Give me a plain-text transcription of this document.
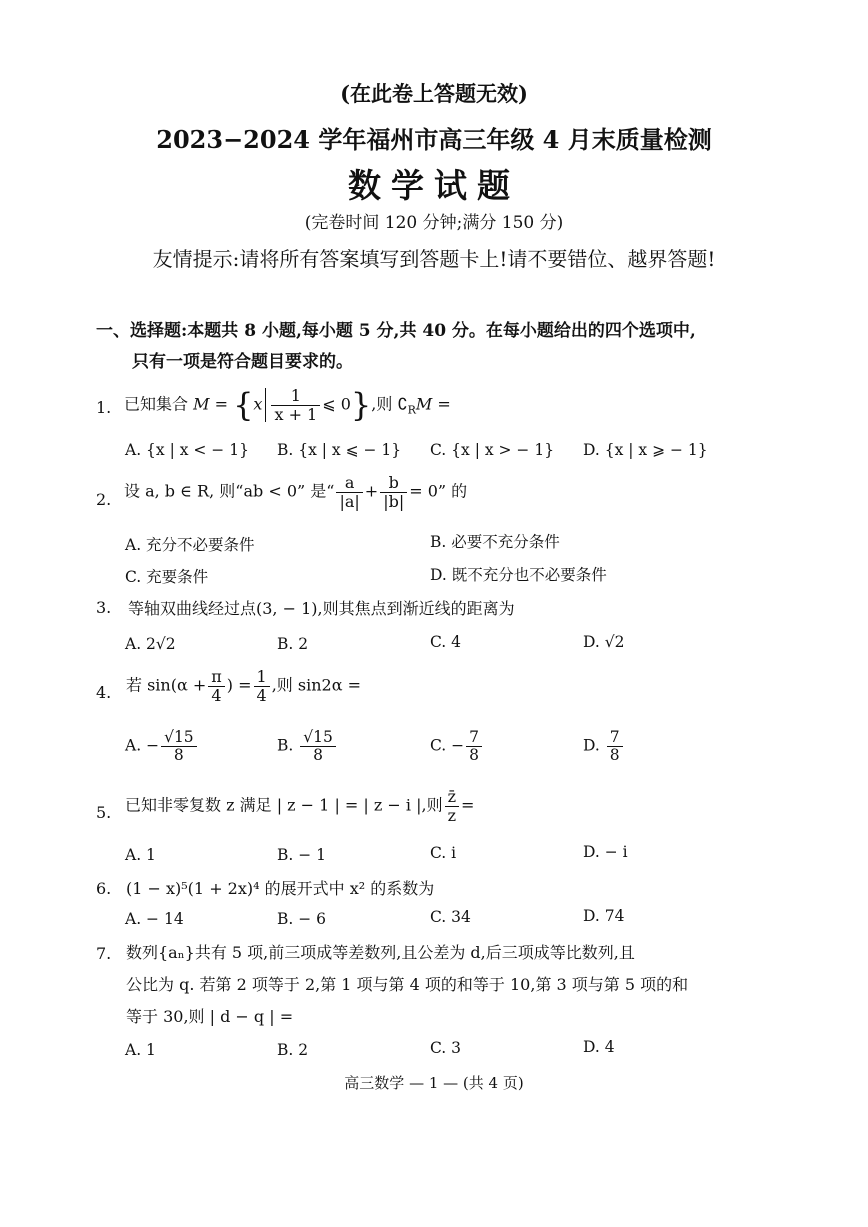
(在此卷上答题无效)
2023−2024 学年福州市高三年级 4 月末质量检测
数学试题
(完卷时间 120 分钟;满分 150 分)
友情提示:请将所有答案填写到答题卡上!请不要错位、越界答题!
一、选择题:本题共 8 小题,每小题 5 分,共 40 分。在每小题给出的四个选项中,
只有一项是符合题目要求的。
1. 已知集合 $M = \{x \frac{1}{x + 1}$ ⩽ 0},则 $∁_RM$ =
A. {x | x < − 1} B. {x | x ⩽ − 1} C. {x | x > − 1} D. {x | x ⩾ − 1}
2. 设 a, b ∈ R, 则“ab < 0” 是“ $\frac{a}{|a|} + \frac{b}{|b|} = 0$” 的
A. 充分不必要条件	B. 必要不充分条件
C. 充要条件	D. 既不充分也不必要条件
3. 等轴双曲线经过点(3, − 1),则其焦点到渐近线的距离为
A. 2√2	B. 2	C. 4	D. √2
4. 若 $\sin(\alpha + \frac{\pi}{4}$ ) = $\frac{1}{4}$ ,则 sin2α =
A. − $\frac{√15}{8}$	B. $\frac{√15}{8}$	C. − $\frac{7}{8}$	D. $\frac{7}{8}$
5. 已知非零复数 z 满足 | z − 1 | = | z − i |,则 $\frac{z̄}{z}$ =
A. 1	B. − 1	C. i	D. − i
6. (1 − x)⁵(1 + 2x)⁴ 的展开式中 x² 的系数为
A. − 14	B. − 6	C. 34	D. 74
7. 数列{aₙ}共有 5 项,前三项成等差数列,且公差为 d,后三项成等比数列,且
公比为 q. 若第 2 项等于 2,第 1 项与第 4 项的和等于 10,第 3 项与第 5 项的和
等于 30,则 | d − q | =
A. 1	B. 2	C. 3	D. 4
高三数学 — 1 — (共 4 页)
